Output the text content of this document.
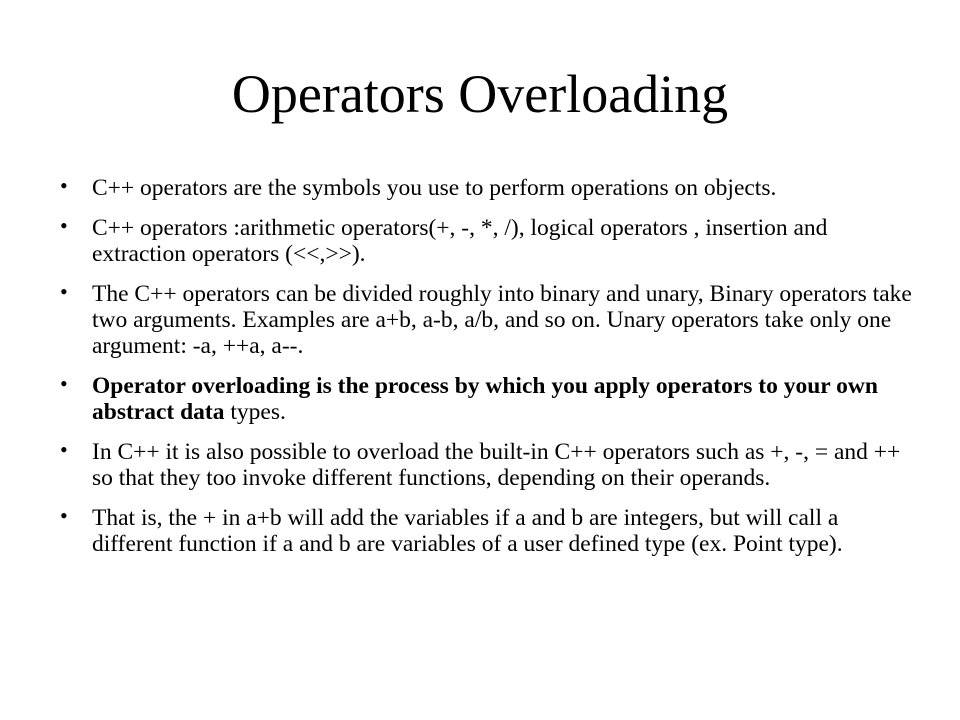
Operators Overloading
• C++ operators are the symbols you use to perform operations on objects.
• C++ operators :arithmetic operators(+, -, *, /), logical operators , insertion and extraction operators (<<,>>).
• The C++ operators can be divided roughly into binary and unary, Binary operators take two arguments. Examples are a+b, a-b, a/b, and so on. Unary operators take only one argument: -a, ++a, a--.
• Operator overloading is the process by which you apply operators to your own abstract data types.
• In C++ it is also possible to overload the built-in C++ operators such as +, -, = and ++ so that they too invoke different functions, depending on their operands.
• That is, the + in a+b will add the variables if a and b are integers, but will call a different function if a and b are variables of a user defined type (ex. Point type).
